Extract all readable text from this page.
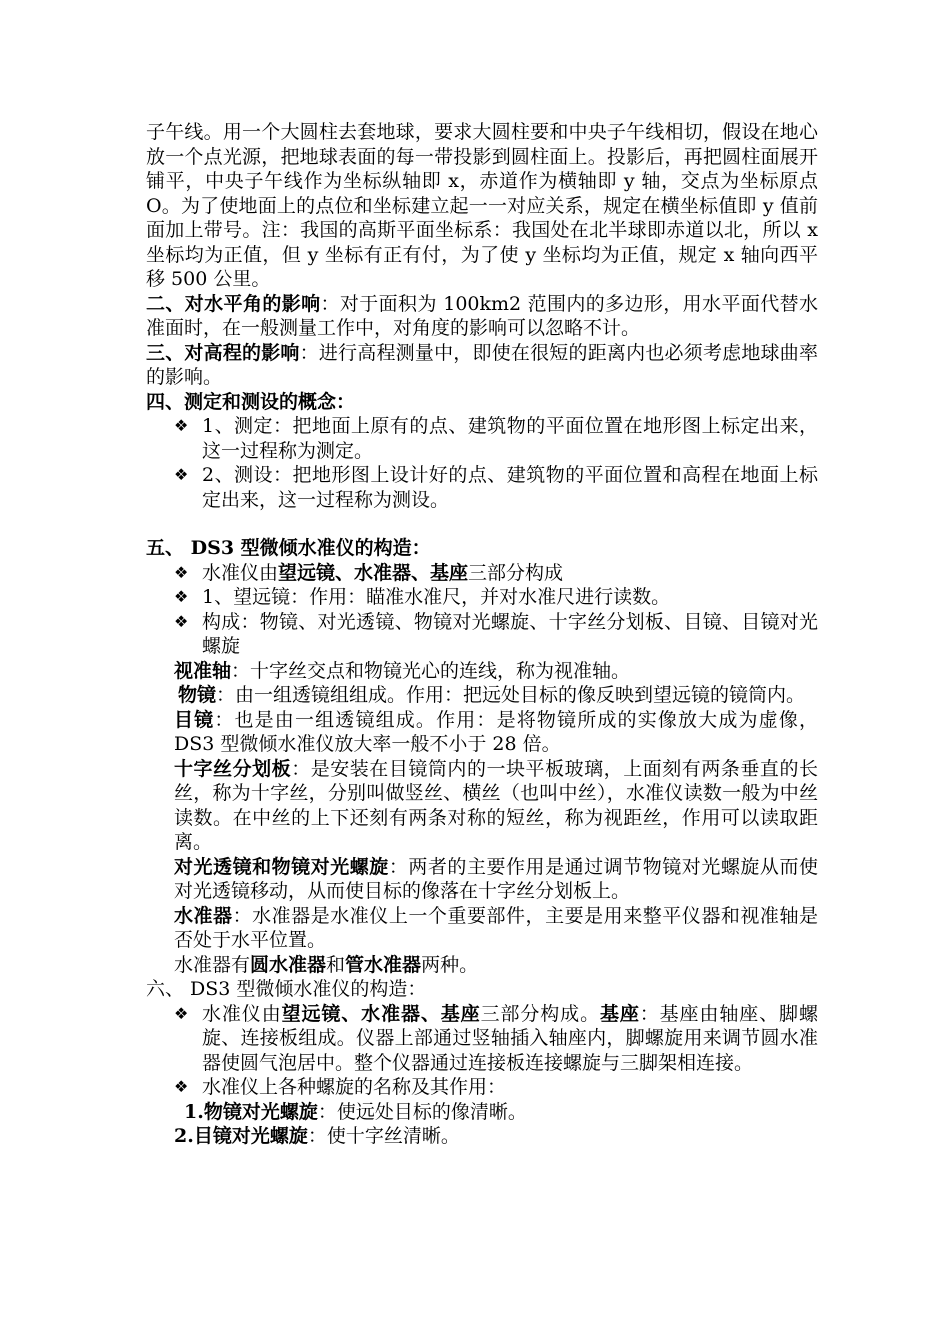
子午线。用一个大圆柱去套地球，要求大圆柱要和中央子午线相切，假设在地心放一个点光源，把地球表面的每一带投影到圆柱面上。投影后，再把圆柱面展开铺平，中央子午线作为坐标纵轴即 x，赤道作为横轴即 y 轴，交点为坐标原点 O。为了使地面上的点位和坐标建立起一一对应关系，规定在横坐标值即 y 值前面加上带号。注：我国的高斯平面坐标系：我国处在北半球即赤道以北，所以 x 坐标均为正值，但 y 坐标有正有付，为了使 y 坐标均为正值，规定 x 轴向西平移 500 公里。

二、对水平角的影响：对于面积为 100km2 范围内的多边形，用水平面代替水准面时，在一般测量工作中，对角度的影响可以忽略不计。

三、对高程的影响：进行高程测量中，即使在很短的距离内也必须考虑地球曲率的影响。

四、测定和测设的概念：

❖ 1、测定：把地面上原有的点、建筑物的平面位置在地形图上标定出来，这一过程称为测定。

❖ 2、测设：把地形图上设计好的点、建筑物的平面位置和高程在地面上标定出来，这一过程称为测设。

五、 DS3 型微倾水准仪的构造：

❖ 水准仪由望远镜、水准器、基座三部分构成

❖ 1、望远镜：作用：瞄准水准尺，并对水准尺进行读数。

❖ 构成：物镜、对光透镜、物镜对光螺旋、十字丝分划板、目镜、目镜对光螺旋

视准轴：十字丝交点和物镜光心的连线，称为视准轴。

物镜：由一组透镜组组成。作用：把远处目标的像反映到望远镜的镜筒内。

目镜：也是由一组透镜组成。作用：是将物镜所成的实像放大成为虚像，DS3 型微倾水准仪放大率一般不小于 28 倍。

十字丝分划板：是安装在目镜筒内的一块平板玻璃，上面刻有两条垂直的长丝，称为十字丝，分别叫做竖丝、横丝（也叫中丝），水准仪读数一般为中丝读数。在中丝的上下还刻有两条对称的短丝，称为视距丝，作用可以读取距离。

对光透镜和物镜对光螺旋：两者的主要作用是通过调节物镜对光螺旋从而使对光透镜移动，从而使目标的像落在十字丝分划板上。

水准器：水准器是水准仪上一个重要部件，主要是用来整平仪器和视准轴是否处于水平位置。

水准器有圆水准器和管水准器两种。

六、 DS3 型微倾水准仪的构造：

❖ 水准仪由望远镜、水准器、基座三部分构成。基座：基座由轴座、脚螺旋、连接板组成。仪器上部通过竖轴插入轴座内，脚螺旋用来调节圆水准器使圆气泡居中。整个仪器通过连接板连接螺旋与三脚架相连接。

❖ 水准仪上各种螺旋的名称及其作用：

1.物镜对光螺旋：使远处目标的像清晰。

2.目镜对光螺旋：使十字丝清晰。
